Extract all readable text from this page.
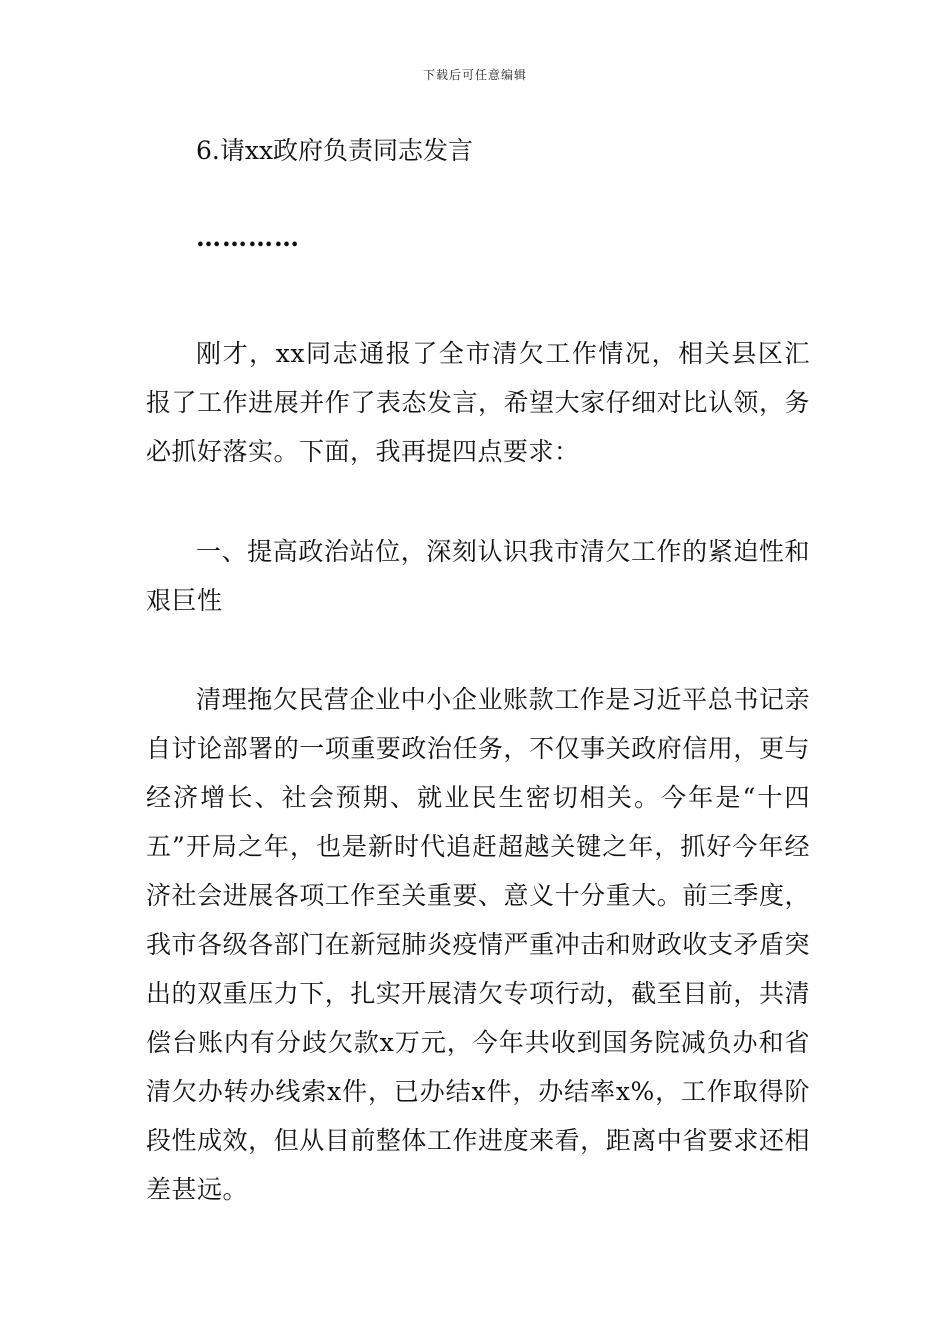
下载后可任意编辑
6.请xx政府负责同志发言
…………

刚才，xx同志通报了全市清欠工作情况，相关县区汇报了工作进展并作了表态发言，希望大家仔细对比认领，务必抓好落实。下面，我再提四点要求：

一、提高政治站位，深刻认识我市清欠工作的紧迫性和艰巨性

清理拖欠民营企业中小企业账款工作是习近平总书记亲自讨论部署的一项重要政治任务，不仅事关政府信用，更与经济增长、社会预期、就业民生密切相关。今年是“十四五”开局之年，也是新时代追赶超越关键之年，抓好今年经济社会进展各项工作至关重要、意义十分重大。前三季度，我市各级各部门在新冠肺炎疫情严重冲击和财政收支矛盾突出的双重压力下，扎实开展清欠专项行动，截至目前，共清偿台账内有分歧欠款x万元，今年共收到国务院减负办和省清欠办转办线索x件，已办结x件，办结率x%，工作取得阶段性成效，但从目前整体工作进度来看，距离中省要求还相差甚远。
